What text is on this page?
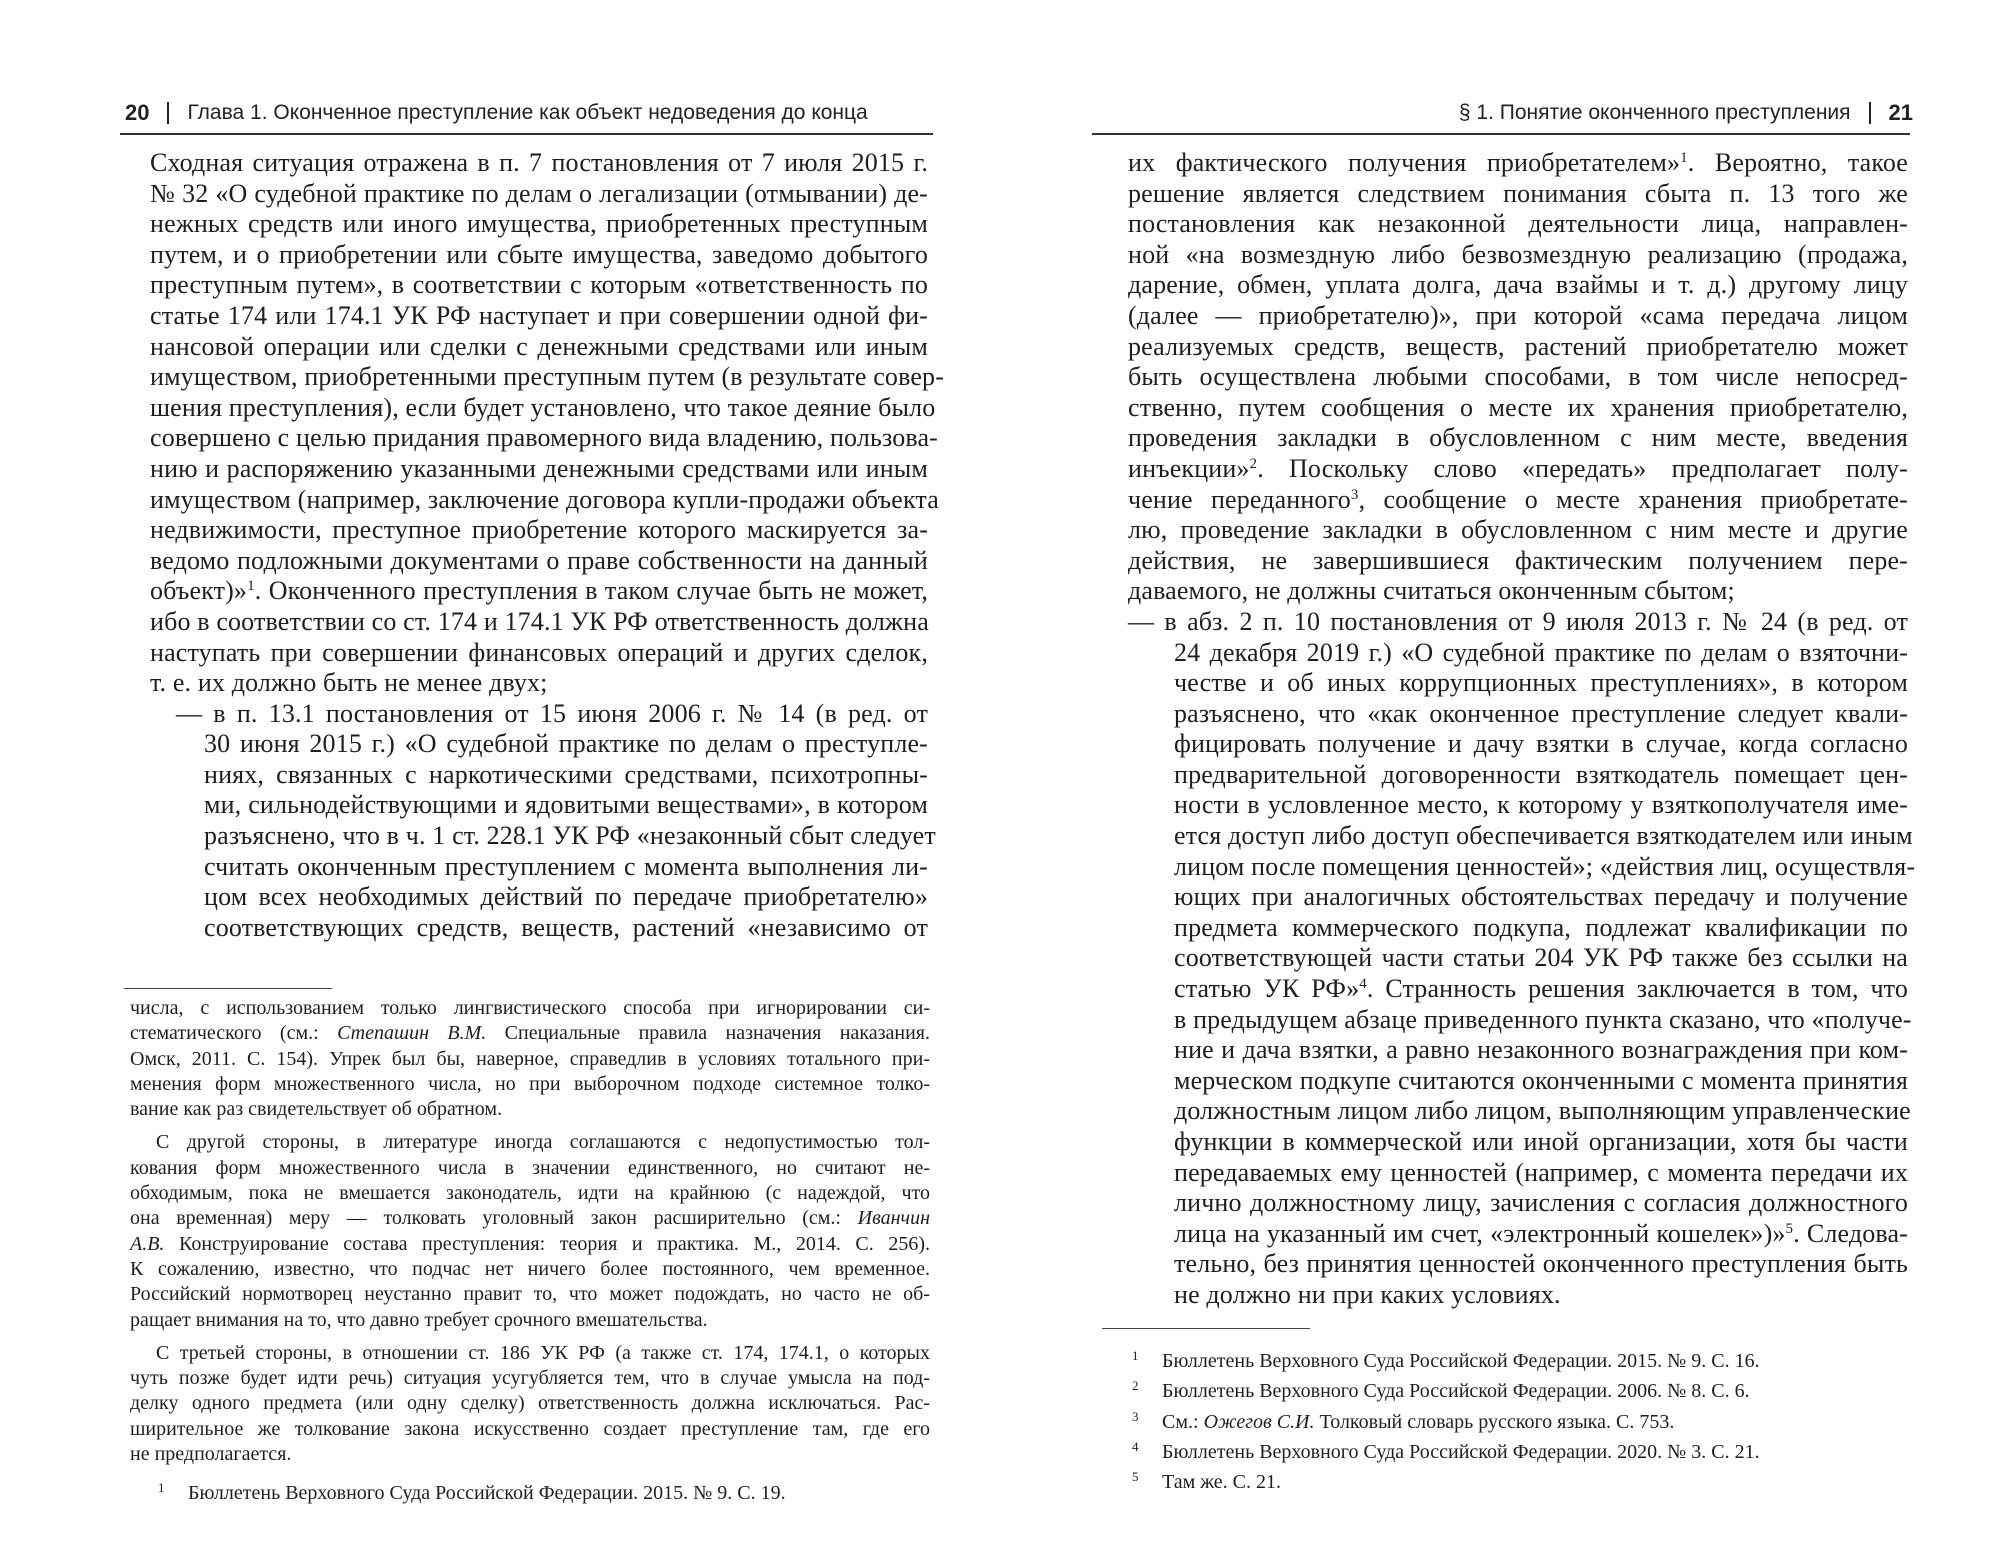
20 Глава 1. Оконченное преступление как объект недоведения до конца
Сходная ситуация отражена в п. 7 постановления от 7 июля 2015 г.
№ 32 «О судебной практике по делам о легализации (отмывании) де-
нежных средств или иного имущества, приобретенных преступным
путем, и о приобретении или сбыте имущества, заведомо добытого
преступным путем», в соответствии с которым «ответственность по
статье 174 или 174.1 УК РФ наступает и при совершении одной фи-
нансовой операции или сделки с денежными средствами или иным
имуществом, приобретенными преступным путем (в результате совер-
шения преступления), если будет установлено, что такое деяние было
совершено с целью придания правомерного вида владению, пользова-
нию и распоряжению указанными денежными средствами или иным
имуществом (например, заключение договора купли-продажи объекта
недвижимости, преступное приобретение которого маскируется за-
ведомо подложными документами о праве собственности на данный
объект)»$^1$. Оконченного преступления в таком случае быть не может,
ибо в соответствии со ст. 174 и 174.1 УК РФ ответственность должна
наступать при совершении финансовых операций и других сделок,
т. е. их должно быть не менее двух;
— в п. 13.1 постановления от 15 июня 2006 г. № 14 (в ред. от
30 июня 2015 г.) «О судебной практике по делам о преступле-
ниях, связанных с наркотическими средствами, психотропны-
ми, сильнодействующими и ядовитыми веществами», в котором
разъяснено, что в ч. 1 ст. 228.1 УК РФ «незаконный сбыт следует
считать оконченным преступлением с момента выполнения ли-
цом всех необходимых действий по передаче приобретателю»
соответствующих средств, веществ, растений «независимо от
числа, с использованием только лингвистического способа при игнорировании си-
стематического (см.: Степашин В.М. Специальные правила назначения наказания.
Омск, 2011. С. 154). Упрек был бы, наверное, справедлив в условиях тотального при-
менения форм множественного числа, но при выборочном подходе системное толко-
вание как раз свидетельствует об обратном.
С другой стороны, в литературе иногда соглашаются с недопустимостью тол-
кования форм множественного числа в значении единственного, но считают не-
обходимым, пока не вмешается законодатель, идти на крайнюю (с надеждой, что
она временная) меру — толковать уголовный закон расширительно (см.: Иванчин
А.В. Конструирование состава преступления: теория и практика. М., 2014. С. 256).
К сожалению, известно, что подчас нет ничего более постоянного, чем временное.
Российский нормотворец неустанно правит то, что может подождать, но часто не об-
ращает внимания на то, что давно требует срочного вмешательства.
С третьей стороны, в отношении ст. 186 УК РФ (а также ст. 174, 174.1, о которых
чуть позже будет идти речь) ситуация усугубляется тем, что в случае умысла на под-
делку одного предмета (или одну сделку) ответственность должна исключаться. Рас-
ширительное же толкование закона искусственно создает преступление там, где его
не предполагается.
1 Бюллетень Верховного Суда Российской Федерации. 2015. № 9. С. 19.
§ 1. Понятие оконченного преступления 21
их фактического получения приобретателем»$^1$. Вероятно, такое
решение является следствием понимания сбыта п. 13 того же
постановления как незаконной деятельности лица, направлен-
ной «на возмездную либо безвозмездную реализацию (продажа,
дарение, обмен, уплата долга, дача взаймы и т. д.) другому лицу
(далее — приобретателю)», при которой «сама передача лицом
реализуемых средств, веществ, растений приобретателю может
быть осуществлена любыми способами, в том числе непосред-
ственно, путем сообщения о месте их хранения приобретателю,
проведения закладки в обусловленном с ним месте, введения
инъекции»$^2$. Поскольку слово «передать» предполагает полу-
чение переданного$^3$, сообщение о месте хранения приобретате-
лю, проведение закладки в обусловленном с ним месте и другие
действия, не завершившиеся фактическим получением пере-
даваемого, не должны считаться оконченным сбытом;
— в абз. 2 п. 10 постановления от 9 июля 2013 г. № 24 (в ред. от
24 декабря 2019 г.) «О судебной практике по делам о взяточни-
честве и об иных коррупционных преступлениях», в котором
разъяснено, что «как оконченное преступление следует квали-
фицировать получение и дачу взятки в случае, когда согласно
предварительной договоренности взяткодатель помещает цен-
ности в условленное место, к которому у взяткополучателя име-
ется доступ либо доступ обеспечивается взяткодателем или иным
лицом после помещения ценностей»; «действия лиц, осуществля-
ющих при аналогичных обстоятельствах передачу и получение
предмета коммерческого подкупа, подлежат квалификации по
соответствующей части статьи 204 УК РФ также без ссылки на
статью УК РФ»$^4$. Странность решения заключается в том, что
в предыдущем абзаце приведенного пункта сказано, что «получе-
ние и дача взятки, а равно незаконного вознаграждения при ком-
мерческом подкупе считаются оконченными с момента принятия
должностным лицом либо лицом, выполняющим управленческие
функции в коммерческой или иной организации, хотя бы части
передаваемых ему ценностей (например, с момента передачи их
лично должностному лицу, зачисления с согласия должностного
лица на указанный им счет, «электронный кошелек»)»$^5$. Следова-
тельно, без принятия ценностей оконченного преступления быть
не должно ни при каких условиях.
1 Бюллетень Верховного Суда Российской Федерации. 2015. № 9. С. 16.
2 Бюллетень Верховного Суда Российской Федерации. 2006. № 8. С. 6.
3 См.: Ожегов С.И. Толковый словарь русского языка. С. 753.
4 Бюллетень Верховного Суда Российской Федерации. 2020. № 3. С. 21.
5 Там же. С. 21.
